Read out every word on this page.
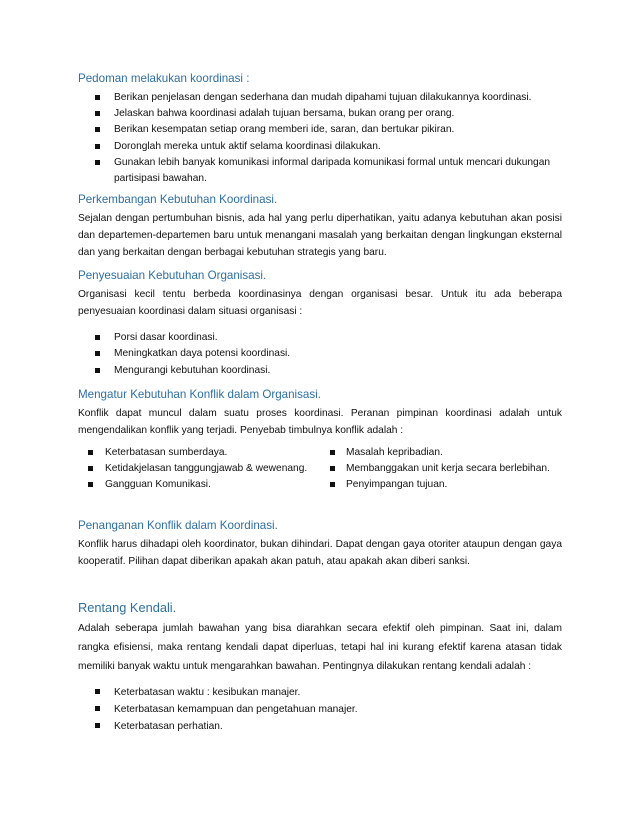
Pedoman melakukan koordinasi :
Berikan penjelasan dengan sederhana dan mudah dipahami tujuan dilakukannya koordinasi.
Jelaskan bahwa koordinasi adalah tujuan bersama, bukan orang per orang.
Berikan kesempatan setiap orang memberi ide, saran, dan bertukar pikiran.
Doronglah mereka untuk aktif selama koordinasi dilakukan.
Gunakan lebih banyak komunikasi informal daripada komunikasi formal untuk mencari dukungan partisipasi bawahan.
Perkembangan Kebutuhan Koordinasi.

Sejalan dengan pertumbuhan bisnis, ada hal yang perlu diperhatikan, yaitu adanya kebutuhan akan posisi dan departemen-departemen baru untuk menangani masalah yang berkaitan dengan lingkungan eksternal dan yang berkaitan dengan berbagai kebutuhan strategis yang baru.

Penyesuaian Kebutuhan Organisasi.

Organisasi kecil tentu berbeda koordinasinya dengan organisasi besar. Untuk itu ada beberapa penyesuaian koordinasi dalam situasi organisasi :

Porsi dasar koordinasi.
Meningkatkan daya potensi koordinasi.
Mengurangi kebutuhan koordinasi.
Mengatur Kebutuhan Konflik dalam Organisasi.

Konflik dapat muncul dalam suatu proses koordinasi. Peranan pimpinan koordinasi adalah untuk mengendalikan konflik yang terjadi. Penyebab timbulnya konflik adalah :

Keterbatasan sumberdaya.
Ketidakjelasan tanggungjawab & wewenang.
Gangguan Komunikasi.
Masalah kepribadian.
Membanggakan unit kerja secara berlebihan.
Penyimpangan tujuan.
Penanganan Konflik dalam Koordinasi.

Konflik harus dihadapi oleh koordinator, bukan dihindari. Dapat dengan gaya otoriter ataupun dengan gaya kooperatif. Pilihan dapat diberikan apakah akan patuh, atau apakah akan diberi sanksi.

Rentang Kendali.

Adalah seberapa jumlah bawahan yang bisa diarahkan secara efektif oleh pimpinan. Saat ini, dalam rangka efisiensi, maka rentang kendali dapat diperluas, tetapi hal ini kurang efektif karena atasan tidak memiliki banyak waktu untuk mengarahkan bawahan. Pentingnya dilakukan rentang kendali adalah :

Keterbatasan waktu : kesibukan manajer.
Keterbatasan kemampuan dan pengetahuan manajer.
Keterbatasan perhatian.
